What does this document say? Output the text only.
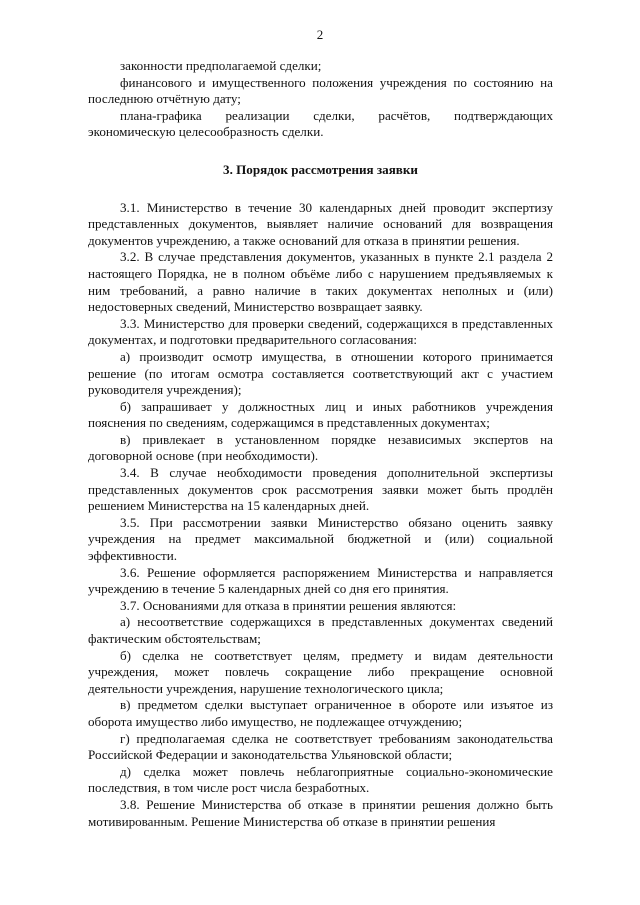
2

законности предполагаемой сделки;

финансового и имущественного положения учреждения по состоянию на последнюю отчётную дату;

плана-графика реализации сделки, расчётов, подтверждающих экономическую целесообразность сделки.

3. Порядок рассмотрения заявки

3.1. Министерство в течение 30 календарных дней проводит экспертизу представленных документов, выявляет наличие оснований для возвращения документов учреждению, а также оснований для отказа в принятии решения.

3.2. В случае представления документов, указанных в пункте 2.1 раздела 2 настоящего Порядка, не в полном объёме либо с нарушением предъявляемых к ним требований, а равно наличие в таких документах неполных и (или) недостоверных сведений, Министерство возвращает заявку.

3.3. Министерство для проверки сведений, содержащихся в представленных документах, и подготовки предварительного согласования:

а) производит осмотр имущества, в отношении которого принимается решение (по итогам осмотра составляется соответствующий акт с участием руководителя учреждения);

б) запрашивает у должностных лиц и иных работников учреждения пояснения по сведениям, содержащимся в представленных документах;

в) привлекает в установленном порядке независимых экспертов на договорной основе (при необходимости).

3.4. В случае необходимости проведения дополнительной экспертизы представленных документов срок рассмотрения заявки может быть продлён решением Министерства на 15 календарных дней.

3.5. При рассмотрении заявки Министерство обязано оценить заявку учреждения на предмет максимальной бюджетной и (или) социальной эффективности.

3.6. Решение оформляется распоряжением Министерства и направляется учреждению в течение 5 календарных дней со дня его принятия.

3.7. Основаниями для отказа в принятии решения являются:

а) несоответствие содержащихся в представленных документах сведений фактическим обстоятельствам;

б) сделка не соответствует целям, предмету и видам деятельности учреждения, может повлечь сокращение либо прекращение основной деятельности учреждения, нарушение технологического цикла;

в) предметом сделки выступает ограниченное в обороте или изъятое из оборота имущество либо имущество, не подлежащее отчуждению;

г) предполагаемая сделка не соответствует требованиям законодательства Российской Федерации и законодательства Ульяновской области;

д) сделка может повлечь неблагоприятные социально-экономические последствия, в том числе рост числа безработных.

3.8. Решение Министерства об отказе в принятии решения должно быть мотивированным. Решение Министерства об отказе в принятии решения
